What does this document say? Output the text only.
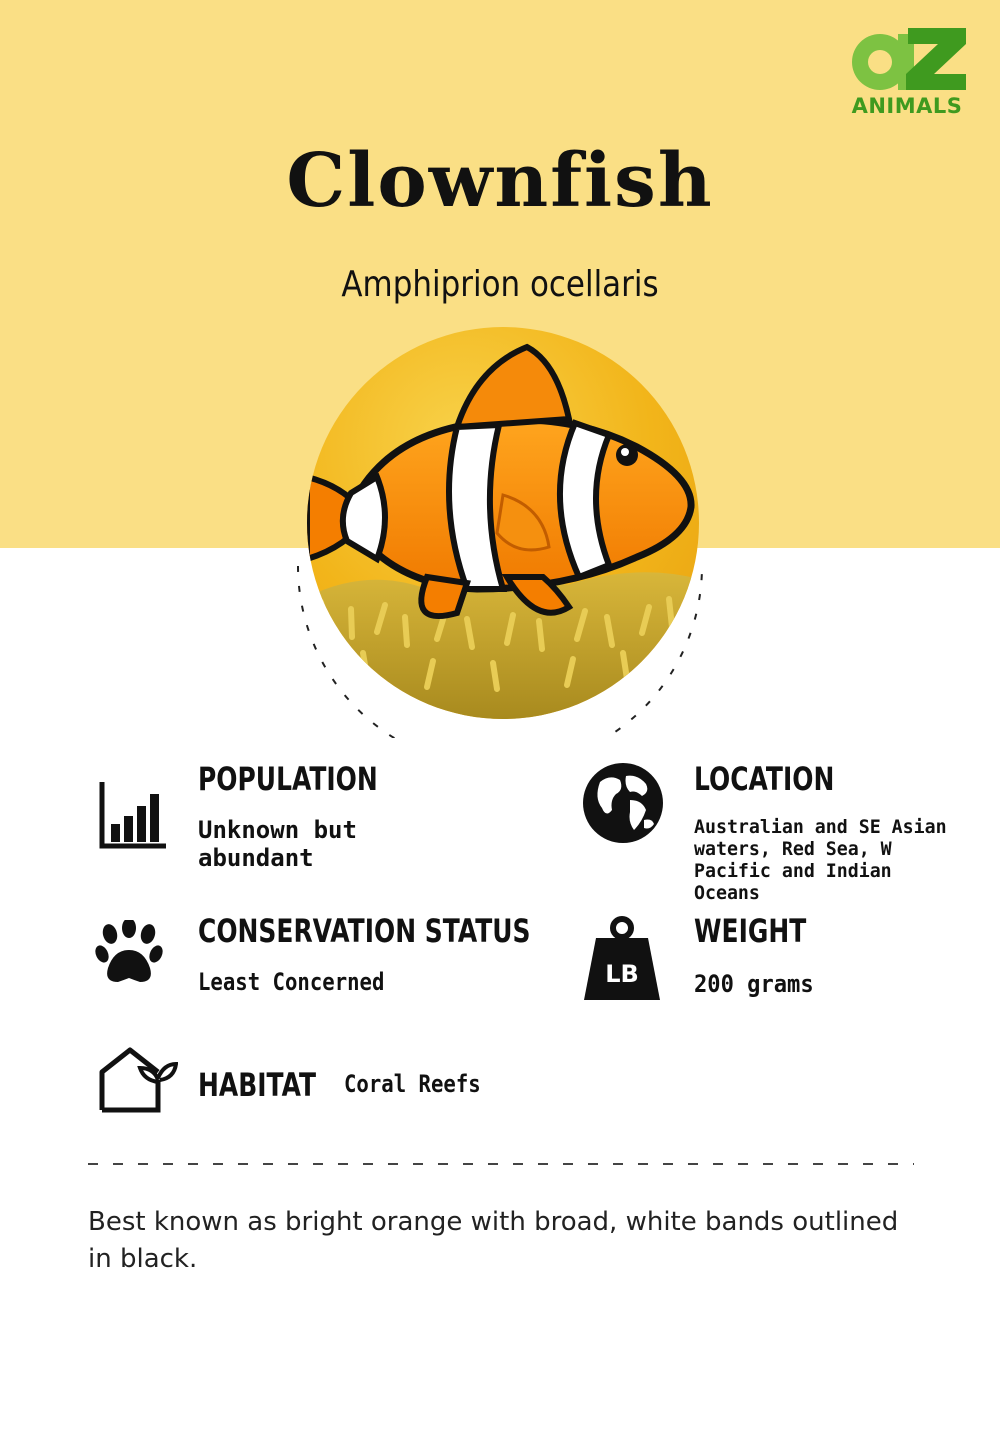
ANIMALS
Clownfish
Amphiprion ocellaris
POPULATION
Unknown but abundant
LOCATION
Australian and SE Asian waters, Red Sea, W Pacific and Indian Oceans
CONSERVATION STATUS
Least Concerned	LB
WEIGHT
200 grams
HABITAT Coral Reefs
Best known as bright orange with broad, white bands outlined in black.
